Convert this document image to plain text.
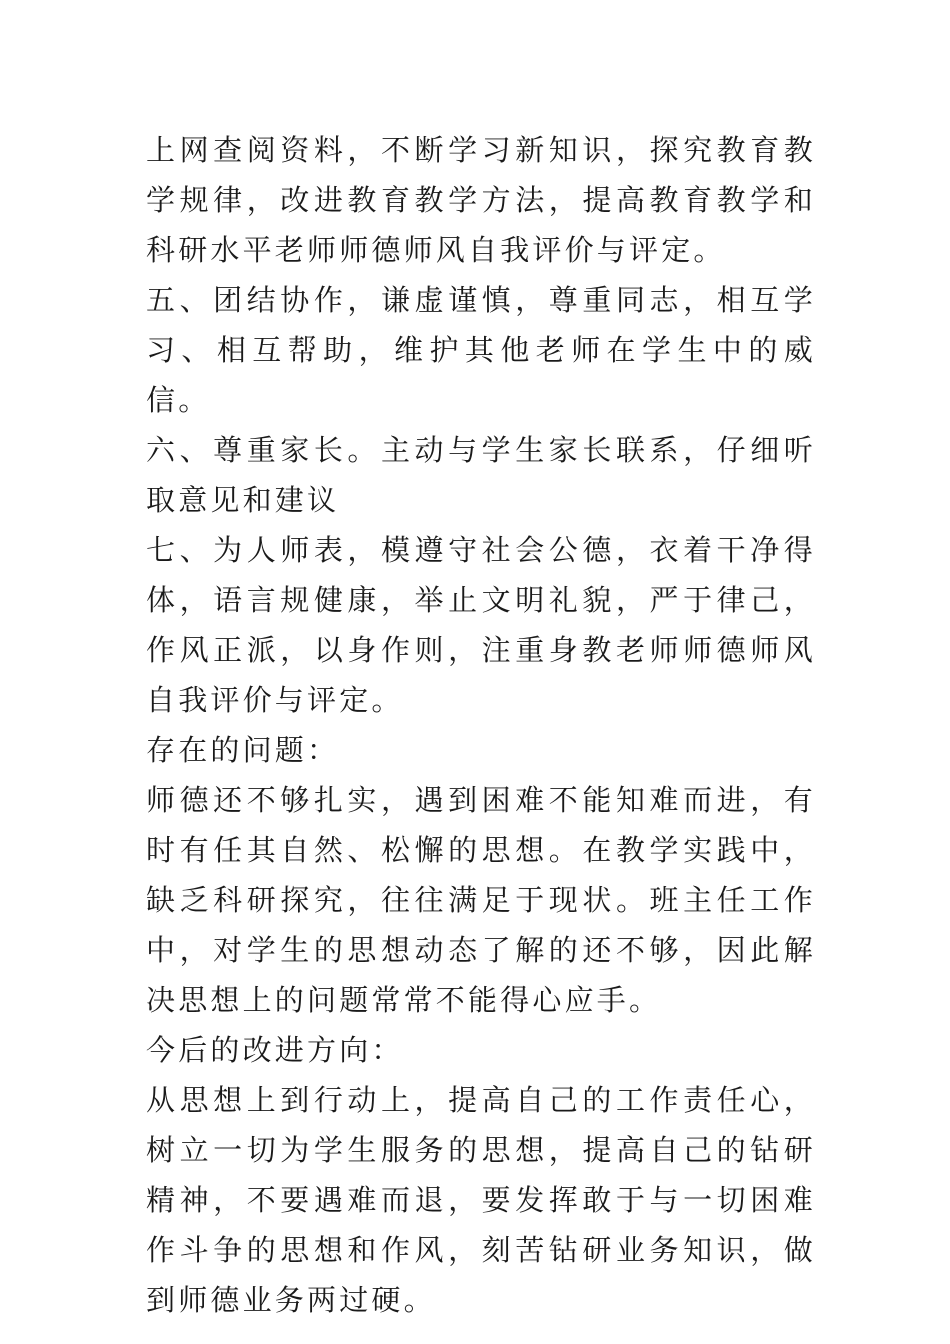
上网查阅资料，不断学习新知识，探究教育教学规律，改进教育教学方法，提高教育教学和科研水平老师师德师风自我评价与评定。

五、团结协作，谦虚谨慎，尊重同志，相互学习、相互帮助，维护其他老师在学生中的威信。

六、尊重家长。主动与学生家长联系，仔细听取意见和建议

七、为人师表，模遵守社会公德，衣着干净得体，语言规健康，举止文明礼貌，严于律己，作风正派，以身作则，注重身教老师师德师风自我评价与评定。

存在的问题：

师德还不够扎实，遇到困难不能知难而进，有时有任其自然、松懈的思想。在教学实践中，缺乏科研探究，往往满足于现状。班主任工作中，对学生的思想动态了解的还不够，因此解决思想上的问题常常不能得心应手。

今后的改进方向：

从思想上到行动上，提高自己的工作责任心，树立一切为学生服务的思想，提高自己的钻研精神，不要遇难而退，要发挥敢于与一切困难作斗争的思想和作风，刻苦钻研业务知识，做到师德业务两过硬。
